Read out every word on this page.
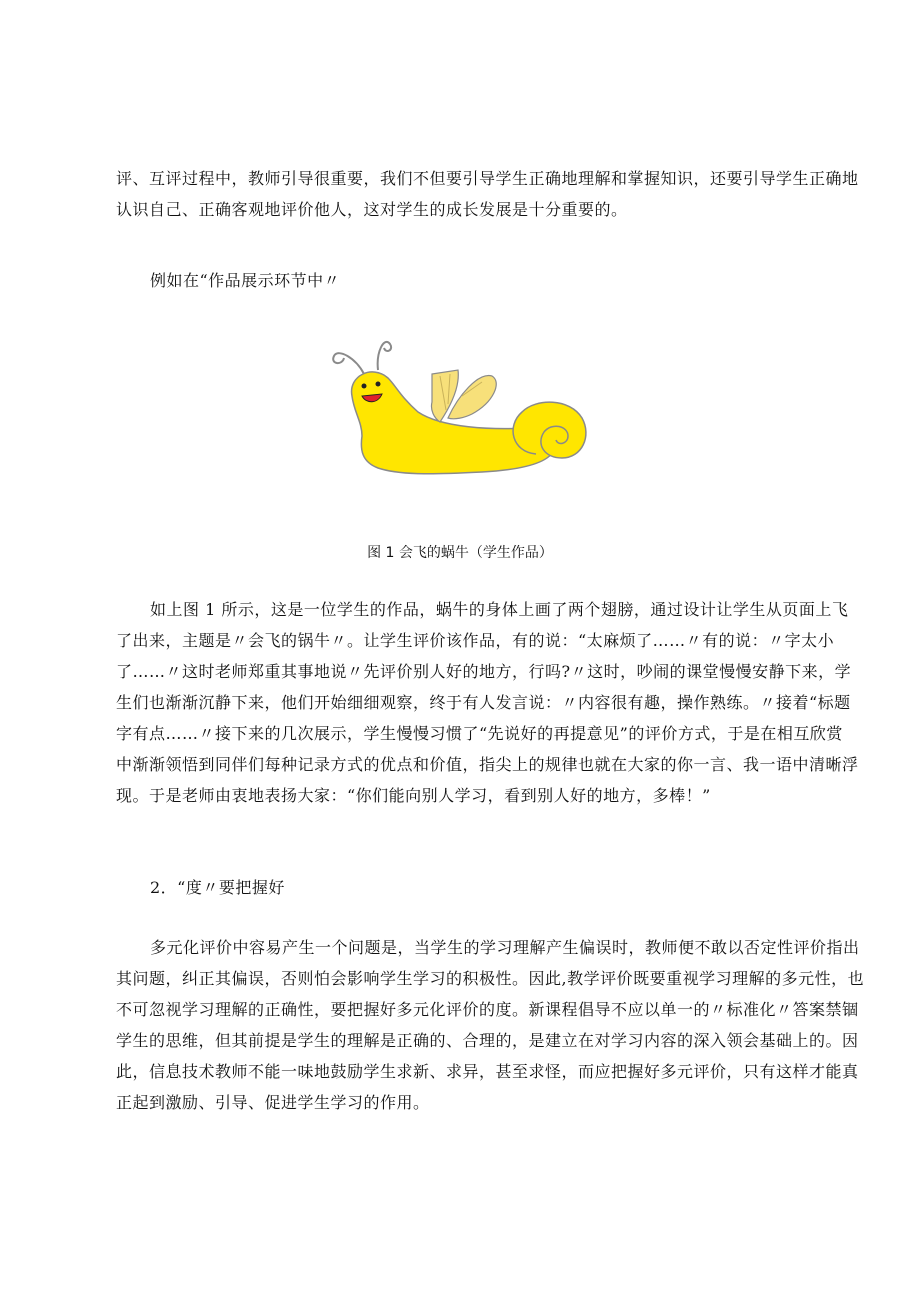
评、互评过程中，教师引导很重要，我们不但要引导学生正确地理解和掌握知识，还要引导学生正确地
认识自己、正确客观地评价他人，这对学生的成长发展是十分重要的。

例如在“作品展示环节中〃

图 1 会飞的蜗牛（学生作品）

如上图 1 所示，这是一位学生的作品，蜗牛的身体上画了两个翅膀，通过设计让学生从页面上飞
了出来，主题是〃会飞的锅牛〃。让学生评价该作品，有的说：“太麻烦了……〃有的说：〃字太小
了……〃这时老师郑重其事地说〃先评价别人好的地方，行吗?〃这时，吵闹的课堂慢慢安静下来，学
生们也渐渐沉静下来，他们开始细细观察，终于有人发言说：〃内容很有趣，操作熟练。〃接着“标题
字有点……〃接下来的几次展示，学生慢慢习惯了“先说好的再提意见”的评价方式，于是在相互欣赏
中渐渐领悟到同伴们每种记录方式的优点和价值，指尖上的规律也就在大家的你一言、我一语中清晰浮
现。于是老师由衷地表扬大家：“你们能向别人学习，看到别人好的地方，多棒！”

2．“度〃要把握好

多元化评价中容易产生一个问题是，当学生的学习理解产生偏误时，教师便不敢以否定性评价指出
其问题，纠正其偏误，否则怕会影响学生学习的积极性。因此,教学评价既要重视学习理解的多元性，也
不可忽视学习理解的正确性，要把握好多元化评价的度。新课程倡导不应以单一的〃标准化〃答案禁锢
学生的思维，但其前提是学生的理解是正确的、合理的，是建立在对学习内容的深入领会基础上的。因
此，信息技术教师不能一味地鼓励学生求新、求异，甚至求怪，而应把握好多元评价，只有这样才能真
正起到激励、引导、促进学生学习的作用。
